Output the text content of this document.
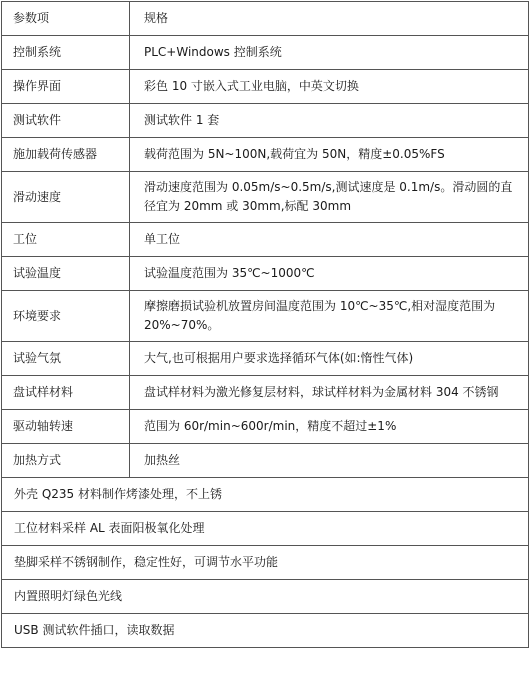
参数项	规格
控制系统	PLC+Windows 控制系统
操作界面	彩色 10 寸嵌入式工业电脑，中英文切换
测试软件	测试软件 1 套
施加载荷传感器	载荷范围为 5N~100N,载荷宜为 50N，精度±0.05%FS
滑动速度	滑动速度范围为 0.05m/s~0.5m/s,测试速度是 0.1m/s。滑动圆的直径宜为 20mm 或 30mm,标配 30mm
工位	单工位
试验温度	试验温度范围为 35℃~1000℃
环境要求	摩擦磨损试验机放置房间温度范围为 10℃~35℃,相对湿度范围为 20%~70%。
试验气氛	大气,也可根据用户要求选择循环气体(如:惰性气体)
盘试样材料	盘试样材料为激光修复层材料，球试样材料为金属材料 304 不锈钢
驱动轴转速	范围为 60r/min~600r/min，精度不超过±1%
加热方式	加热丝
外壳 Q235 材料制作烤漆处理，不上锈	
工位材料采样 AL 表面阳极氧化处理	
垫脚采样不锈钢制作，稳定性好，可调节水平功能	
内置照明灯绿色光线	
USB 测试软件插口，读取数据	
